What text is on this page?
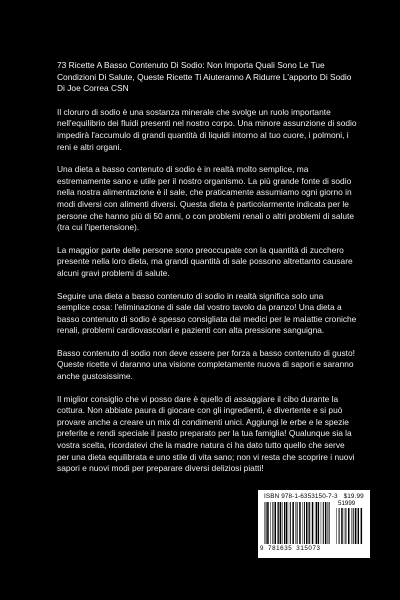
73 Ricette A Basso Contenuto Di Sodio: Non Importa Quali Sono Le Tue Condizioni Di Salute, Queste Ricette Ti Aiuteranno A Ridurre L'apporto Di Sodio Di Joe Correa CSN

Il cloruro di sodio è una sostanza minerale che svolge un ruolo importante nell'equilibrio dei fluidi presenti nel nostro corpo. Una minore assunzione di sodio impedirà l'accumulo di grandi quantità di liquidi intorno al tuo cuore, i polmoni, i reni e altri organi.

Una dieta a basso contenuto di sodio è in realtà molto semplice, ma estremamente sano e utile per il nostro organismo. La più grande fonte di sodio nella nostra alimentazione è il sale, che praticamente assumiamo ogni giorno in modi diversi con alimenti diversi. Questa dieta è particolarmente indicata per le persone che hanno più di 50 anni, o con problemi renali o altri problemi di salute (tra cui l'ipertensione).

La maggior parte delle persone sono preoccupate con la quantità di zucchero presente nella loro dieta, ma grandi quantità di sale possono altrettanto causare alcuni gravi problemi di salute.

Seguire una dieta a basso contenuto di sodio in realtà significa solo una semplice cosa: l'eliminazione di sale dal vostro tavolo da pranzo! Una dieta a basso contenuto di sodio è spesso consigliata dai medici per le malattie croniche renali, problemi cardiovascolari e pazienti con alta pressione sanguigna.

Basso contenuto di sodio non deve essere per forza a basso contenuto di gusto! Queste ricette vi daranno una visione completamente nuova di sapori e saranno anche gustosissime.

Il miglior consiglio che vi posso dare è quello di assaggiare il cibo durante la cottura. Non abbiate paura di giocare con gli ingredienti, è divertente e si può provare anche a creare un mix di condimenti unici. Aggiungi le erbe e le spezie preferite e rendi speciale il pasto preparato per la tua famiglia! Qualunque sia la vostra scelta, ricordatevi che la madre natura ci ha dato tutto quello che serve per una dieta equilibrata e uno stile di vita sano; non vi resta che scoprire i nuovi sapori e nuovi modi per preparare diversi deliziosi piatti!

ISBN 978-1-6353150-7-3 $19.99
51999
9 781635 315073
